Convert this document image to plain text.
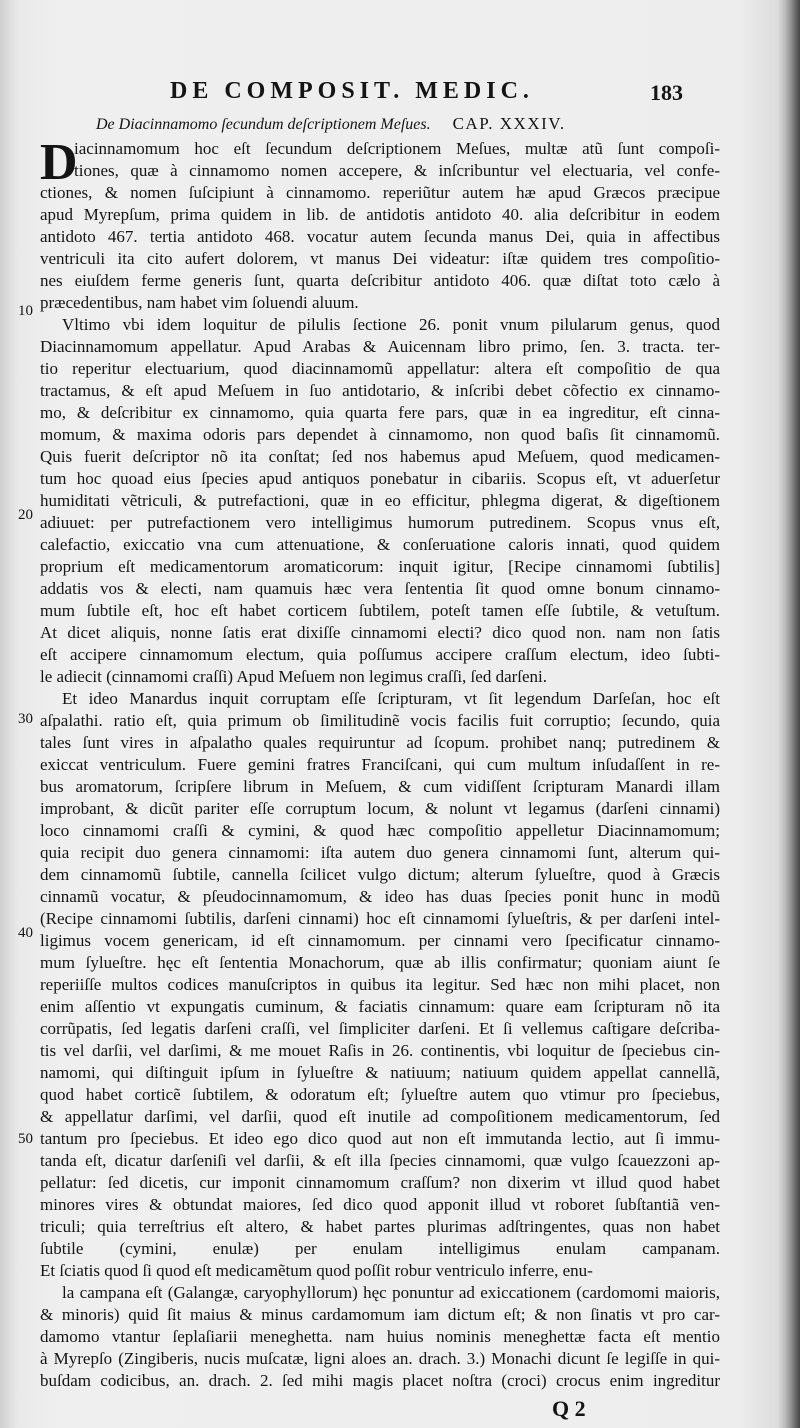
DE COMPOSIT. MEDIC.	183
De Diacinnamomo ſecundum deſcriptionem Meſues. CAP. XXXIV.
D
iacinnamomum hoc eſt ſecundum deſcriptionem Meſues, multæ atũ ſunt compoſi-
tiones, quæ à cinnamomo nomen accepere, & inſcribuntur vel electuaria, vel confe-
ctiones, & nomen ſuſcipiunt à cinnamomo. reperiũtur autem hæ apud Græcos præcipue
apud Myrepſum, prima quidem in lib. de antidotis antidoto 40. alia deſcribitur in eodem
antidoto 467. tertia antidoto 468. vocatur autem ſecunda manus Dei, quia in affectibus
ventriculi ita cito aufert dolorem, vt manus Dei videatur: iſtæ quidem tres compoſitio-
nes eiuſdem ferme generis ſunt, quarta deſcribitur antidoto 406. quæ diſtat toto cælo à
præcedentibus, nam habet vim ſoluendi aluum.
Vltimo vbi idem loquitur de pilulis ſectione 26. ponit vnum pilularum genus, quod
Diacinnamomum appellatur. Apud Arabas & Auicennam libro primo, ſen. 3. tracta. ter-
tio reperitur electuarium, quod diacinnamomũ appellatur: altera eſt compoſitio de qua
tractamus, & eſt apud Meſuem in ſuo antidotario, & inſcribi debet cõfectio ex cinnamo-
mo, & deſcribitur ex cinnamomo, quia quarta fere pars, quæ in ea ingreditur, eſt cinna-
momum, & maxima odoris pars dependet à cinnamomo, non quod baſis ſit cinnamomũ.
Quis fuerit deſcriptor nõ ita conſtat; ſed nos habemus apud Meſuem, quod medicamen-
tum hoc quoad eius ſpecies apud antiquos ponebatur in cibariis. Scopus eſt, vt aduerſetur
humiditati vẽtriculi, & putrefactioni, quæ in eo efficitur, phlegma digerat, & digeſtionem
adiuuet: per putrefactionem vero intelligimus humorum putredinem. Scopus vnus eſt,
calefactio, exiccatio vna cum attenuatione, & conſeruatione caloris innati, quod quidem
proprium eſt medicamentorum aromaticorum: inquit igitur, [Recipe cinnamomi ſubtilis]
addatis vos & electi, nam quamuis hæc vera ſententia ſit quod omne bonum cinnamo-
mum ſubtile eſt, hoc eſt habet corticem ſubtilem, poteſt tamen eſſe ſubtile, & vetuſtum.
At dicet aliquis, nonne ſatis erat dixiſſe cinnamomi electi? dico quod non. nam non ſatis
eſt accipere cinnamomum electum, quia poſſumus accipere craſſum electum, ideo ſubti-
le adiecit (cinnamomi craſſi) Apud Meſuem non legimus craſſi, ſed darſeni.
Et ideo Manardus inquit corruptam eſſe ſcripturam, vt ſit legendum Darſeſan, hoc eſt
aſpalathi. ratio eſt, quia primum ob ſimilitudinẽ vocis facilis fuit corruptio; ſecundo, quia
tales ſunt vires in aſpalatho quales requiruntur ad ſcopum. prohibet nanq; putredinem &
exiccat ventriculum. Fuere gemini fratres Franciſcani, qui cum multum inſudaſſent in re-
bus aromatorum, ſcripſere librum in Meſuem, & cum vidiſſent ſcripturam Manardi illam
improbant, & dicũt pariter eſſe corruptum locum, & nolunt vt legamus (darſeni cinnami)
loco cinnamomi craſſi & cymini, & quod hæc compoſitio appelletur Diacinnamomum;
quia recipit duo genera cinnamomi: iſta autem duo genera cinnamomi ſunt, alterum qui-
dem cinnamomũ ſubtile, cannella ſcilicet vulgo dictum; alterum ſylueſtre, quod à Græcis
cinnamũ vocatur, & pſeudocinnamomum, & ideo has duas ſpecies ponit hunc in modũ
(Recipe cinnamomi ſubtilis, darſeni cinnami) hoc eſt cinnamomi ſylueſtris, & per darſeni intel-
ligimus vocem genericam, id eſt cinnamomum. per cinnami vero ſpecificatur cinnamo-
mum ſylueſtre. hęc eſt ſententia Monachorum, quæ ab illis confirmatur; quoniam aiunt ſe
reperiiſſe multos codices manuſcriptos in quibus ita legitur. Sed hæc non mihi placet, non
enim aſſentio vt expungatis cuminum, & faciatis cinnamum: quare eam ſcripturam nõ ita
corrũpatis, ſed legatis darſeni craſſi, vel ſimpliciter darſeni. Et ſi vellemus caſtigare deſcriba-
tis vel darſii, vel darſimi, & me mouet Raſis in 26. continentis, vbi loquitur de ſpeciebus cin-
namomi, qui diſtinguit ipſum in ſylueſtre & natiuum; natiuum quidem appellat cannellã,
quod habet corticẽ ſubtilem, & odoratum eſt; ſylueſtre autem quo vtimur pro ſpeciebus,
& appellatur darſimi, vel darſii, quod eſt inutile ad compoſitionem medicamentorum, ſed
tantum pro ſpeciebus. Et ideo ego dico quod aut non eſt immutanda lectio, aut ſi immu-
tanda eſt, dicatur darſeniſi vel darſii, & eſt illa ſpecies cinnamomi, quæ vulgo ſcauezzoni ap-
pellatur: ſed dicetis, cur imponit cinnamomum craſſum? non dixerim vt illud quod habet
minores vires & obtundat maiores, ſed dico quod apponit illud vt roboret ſubſtantiã ven-
triculi; quia terreſtrius eſt altero, & habet partes plurimas adſtringentes, quas non habet
ſubtile (cymini, enulæ) per enulam intelligimus enulam campanam.
Et ſciatis quod ſi quod eſt medicamẽtum quod poſſit robur ventriculo inferre, enu-
la campana eſt (Galangæ, caryophyllorum) hęc ponuntur ad exiccationem (cardomomi maioris,
& minoris) quid ſit maius & minus cardamomum iam dictum eſt; & non ſinatis vt pro car-
damomo vtantur ſeplaſiarii meneghetta. nam huius nominis meneghettæ facta eſt mentio
à Myrepſo (Zingiberis, nucis muſcatæ, ligni aloes an. drach. 3.) Monachi dicunt ſe legiſſe in qui-
buſdam codicibus, an. drach. 2. ſed mihi magis placet noſtra (croci) crocus enim ingreditur
10
20
30
40
50
Q 2
